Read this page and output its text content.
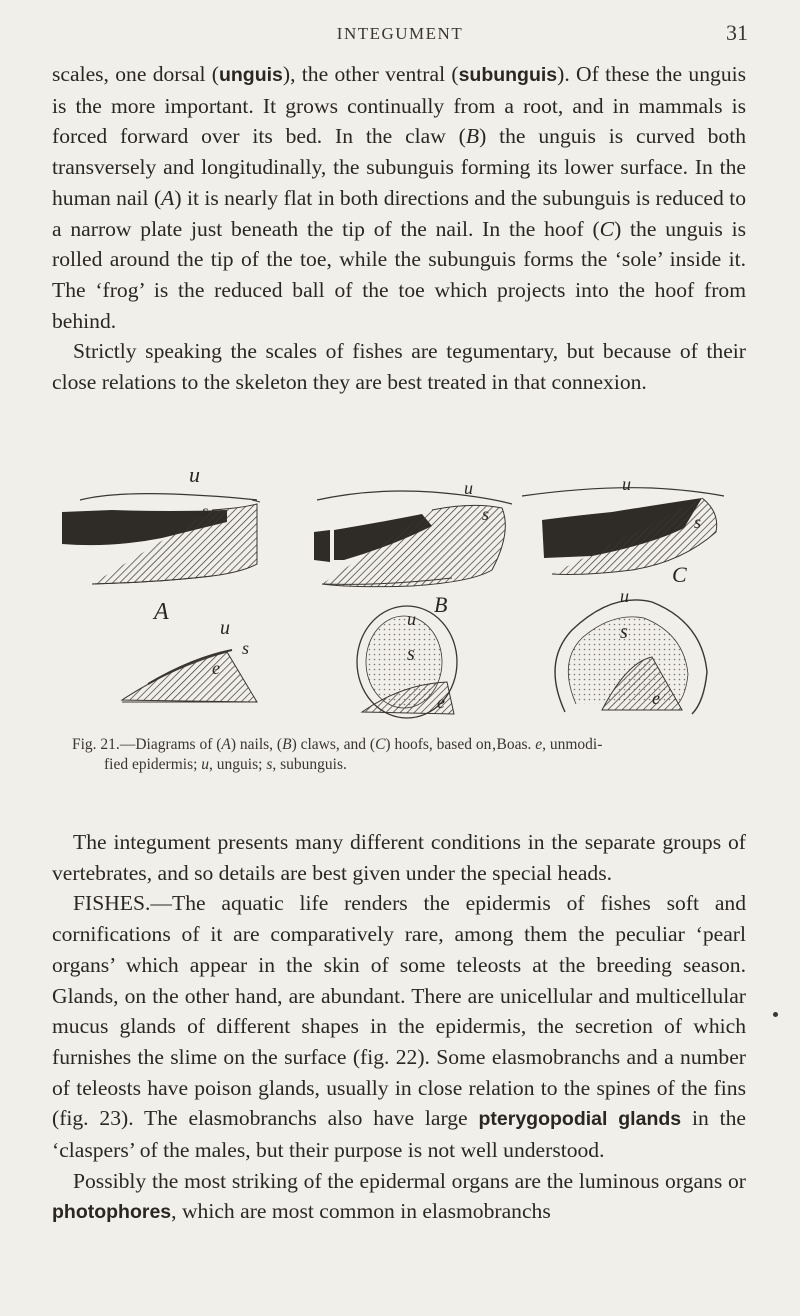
INTEGUMENT	31

scales, one dorsal (unguis), the other ventral (subunguis). Of these the unguis is the more important. It grows continually from a root, and in mammals is forced forward over its bed. In the claw (B) the unguis is curved both transversely and longitudinally, the subunguis forming its lower surface. In the human nail (A) it is nearly flat in both directions and the subunguis is reduced to a narrow plate just beneath the tip of the nail. In the hoof (C) the unguis is rolled around the tip of the toe, while the subunguis forms the ‘sole’ inside it. The ‘frog’ is the reduced ball of the toe which projects into the hoof from behind.

Strictly speaking the scales of fishes are tegumentary, but because of their close relations to the skeleton they are best treated in that connexion.

u
s
A
u
s
e
u
s
B
u
s
e
u
s
C
u
s
e
Fig. 21.—Diagrams of (A) nails, (B) claws, and (C) hoofs, based on‚Boas. e, unmodi-
fied epidermis; u, unguis; s, subunguis.

The integument presents many different conditions in the separate groups of vertebrates, and so details are best given under the special heads.

FISHES.—The aquatic life renders the epidermis of fishes soft and cornifications of it are comparatively rare, among them the peculiar ‘pearl organs’ which appear in the skin of some teleosts at the breeding season. Glands, on the other hand, are abundant. There are unicellular and multicellular mucus glands of different shapes in the epidermis, the secretion of which furnishes the slime on the surface (fig. 22). Some elasmobranchs and a number of teleosts have poison glands, usually in close relation to the spines of the fins (fig. 23). The elasmobranchs also have large pterygopodial glands in the ‘claspers’ of the males, but their purpose is not well understood.

Possibly the most striking of the epidermal organs are the luminous organs or photophores, which are most common in elasmobranchs
